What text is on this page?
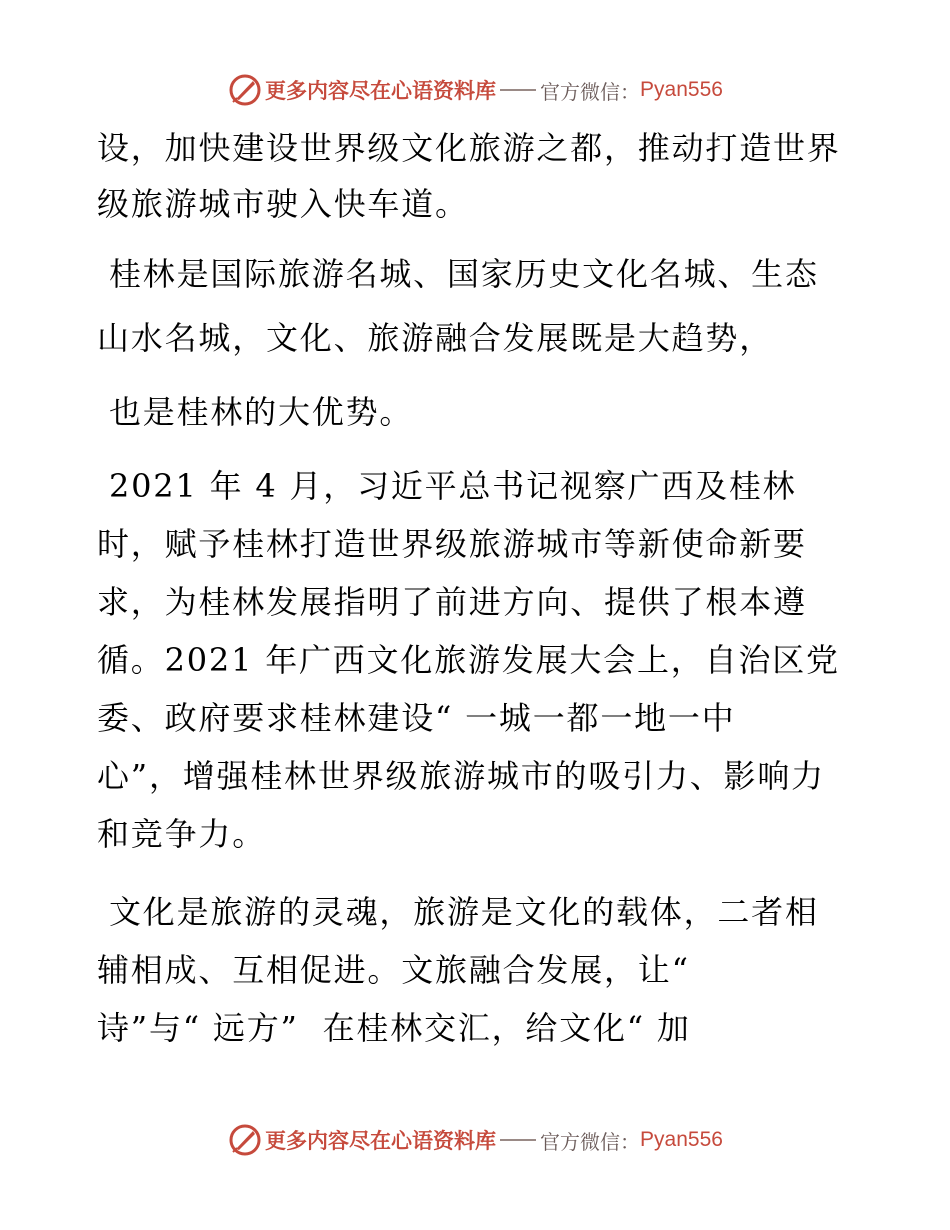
更多内容尽在心语资料库 官方微信： Pyan556
设，加快建设世界级文化旅游之都，推动打造世界
级旅游城市驶入快车道。
桂林是国际旅游名城、国家历史文化名城、生态
山水名城，文化、旅游融合发展既是大趋势，
也是桂林的大优势。
2021 年 4 月，习近平总书记视察广西及桂林
时，赋予桂林打造世界级旅游城市等新使命新要
求，为桂林发展指明了前进方向、提供了根本遵
循。2021 年广西文化旅游发展大会上，自治区党
委、政府要求桂林建设“ 一城一都一地一中
心”，增强桂林世界级旅游城市的吸引力、影响力
和竞争力。
文化是旅游的灵魂，旅游是文化的载体，二者相
辅相成、互相促进。文旅融合发展，让“
诗”与“ 远方”  在桂林交汇，给文化“ 加
更多内容尽在心语资料库 官方微信： Pyan556
